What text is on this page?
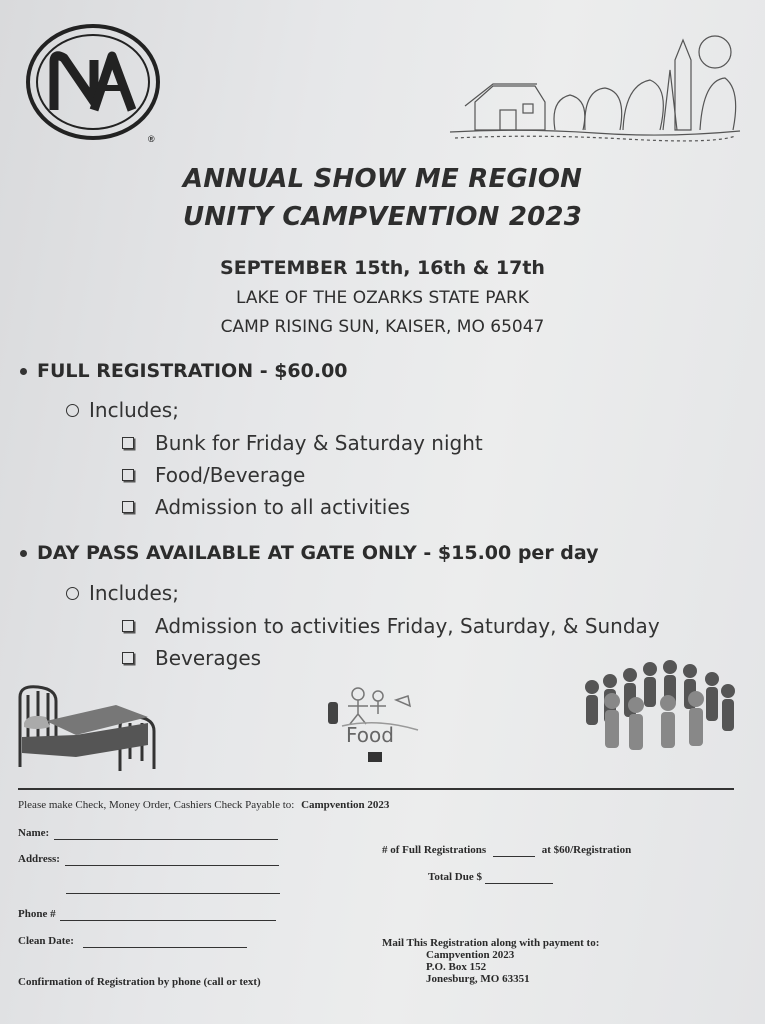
®
ANNUAL SHOW ME REGION
UNITY CAMPVENTION 2023
SEPTEMBER 15th, 16th & 17th
LAKE OF THE OZARKS STATE PARK
CAMP RISING SUN, KAISER, MO 65047
FULL REGISTRATION - $60.00
Includes;
Bunk for Friday & Saturday night
Food/Beverage
Admission to all activities
DAY PASS AVAILABLE AT GATE ONLY - $15.00 per day
Includes;
Admission to activities Friday, Saturday, & Sunday
Beverages
Food
Please make Check, Money Order, Cashiers Check Payable to: Campvention 2023
Name:
Address:
Phone #
Clean Date:
Confirmation of Registration by phone (call or text)
# of Full Registrations	at $60/Registration
Total Due $
Mail This Registration along with payment to:
Campvention 2023
P.O. Box 152
Jonesburg, MO 63351
